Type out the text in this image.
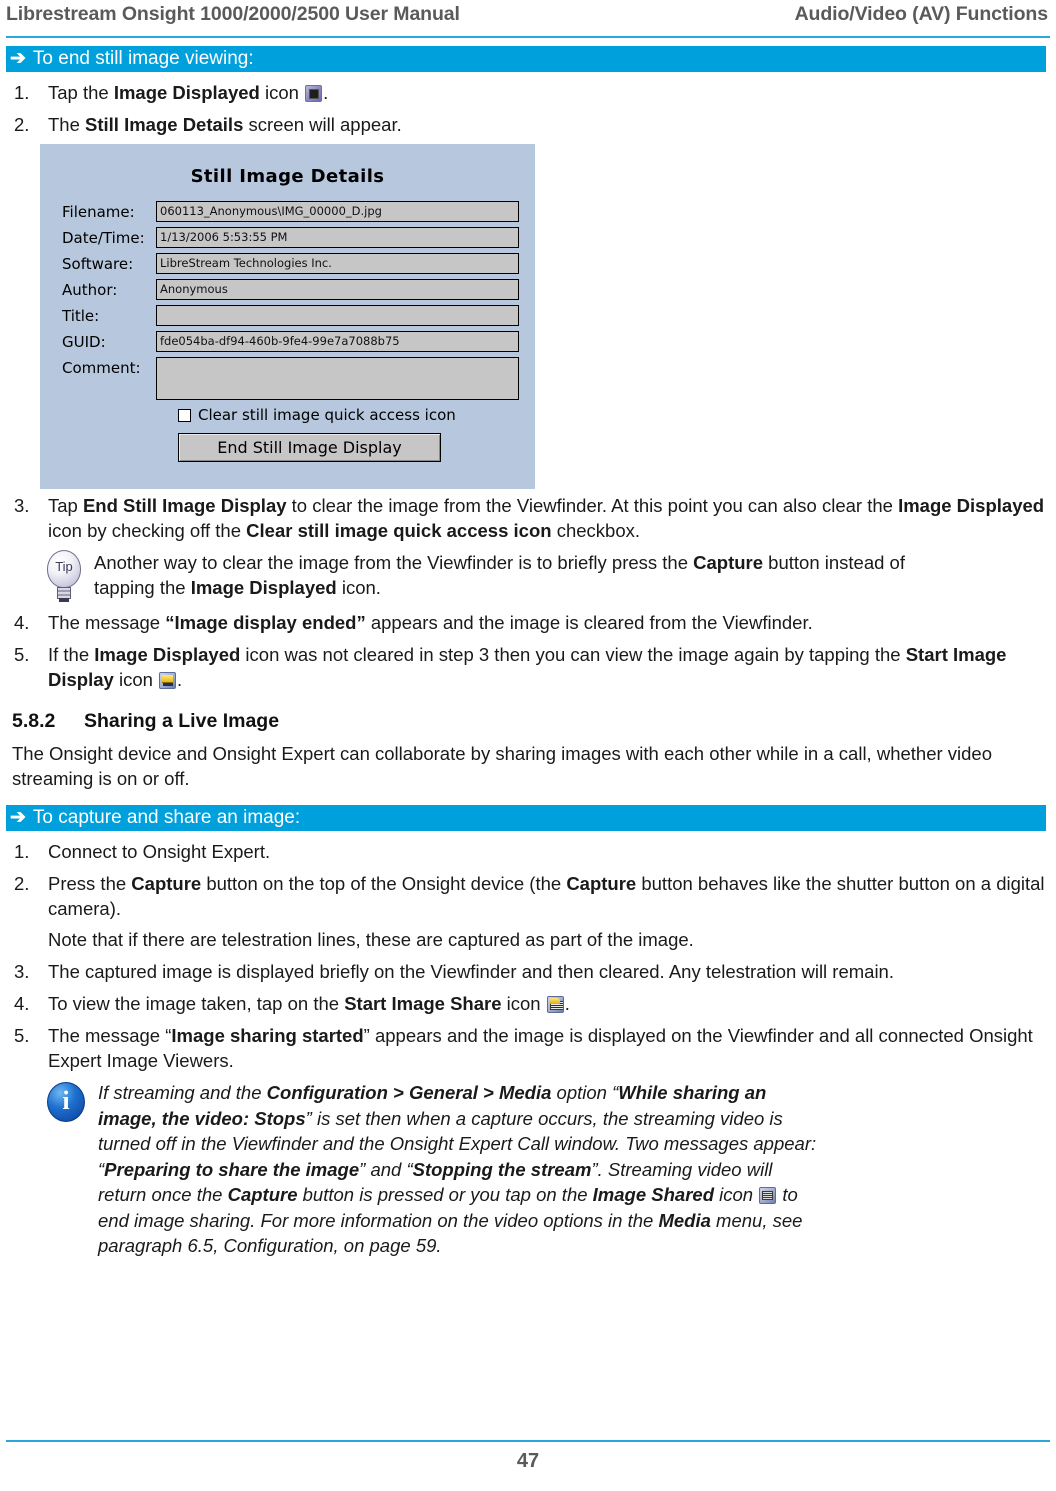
Librestream Onsight 1000/2000/2500 User Manual	Audio/Video (AV) Functions
➔ To end still image viewing:
1.	Tap the Image Displayed icon .
2.	The Still Image Details screen will appear.
Still Image Details
Filename:	060113_Anonymous\IMG_00000_D.jpg
Date/Time:	1/13/2006 5:53:55 PM
Software:	LibreStream Technologies Inc.
Author:	Anonymous
Title:
GUID:	fde054ba-df94-460b-9fe4-99e7a7088b75
Comment:
Clear still image quick access icon
End Still Image Display
3.	Tap End Still Image Display to clear the image from the Viewfinder. At this point you can also clear the Image Displayed icon by checking off the Clear still image quick access icon checkbox.
Tip	Another way to clear the image from the Viewfinder is to briefly press the Capture button instead of tapping the Image Displayed icon.
4.	The message “Image display ended” appears and the image is cleared from the Viewfinder.
5.	If the Image Displayed icon was not cleared in step 3 then you can view the image again by tapping the Start Image Display icon .
5.8.2	Sharing a Live Image
The Onsight device and Onsight Expert can collaborate by sharing images with each other while in a call, whether video streaming is on or off.
➔ To capture and share an image:
1.	Connect to Onsight Expert.
2.	Press the Capture button on the top of the Onsight device (the Capture button behaves like the shutter button on a digital camera).
Note that if there are telestration lines, these are captured as part of the image.
3.	The captured image is displayed briefly on the Viewfinder and then cleared. Any telestration will remain.
4.	To view the image taken, tap on the Start Image Share icon .
5.	The message “Image sharing started” appears and the image is displayed on the Viewfinder and all connected Onsight Expert Image Viewers.
i	If streaming and the Configuration > General > Media option “While sharing an image, the video: Stops” is set then when a capture occurs, the streaming video is turned off in the Viewfinder and the Onsight Expert Call window. Two messages appear: “Preparing to share the image” and “Stopping the stream”. Streaming video will return once the Capture button is pressed or you tap on the Image Shared icon  to end image sharing. For more information on the video options in the Media menu, see paragraph 6.5, Configuration, on page 59.
47
